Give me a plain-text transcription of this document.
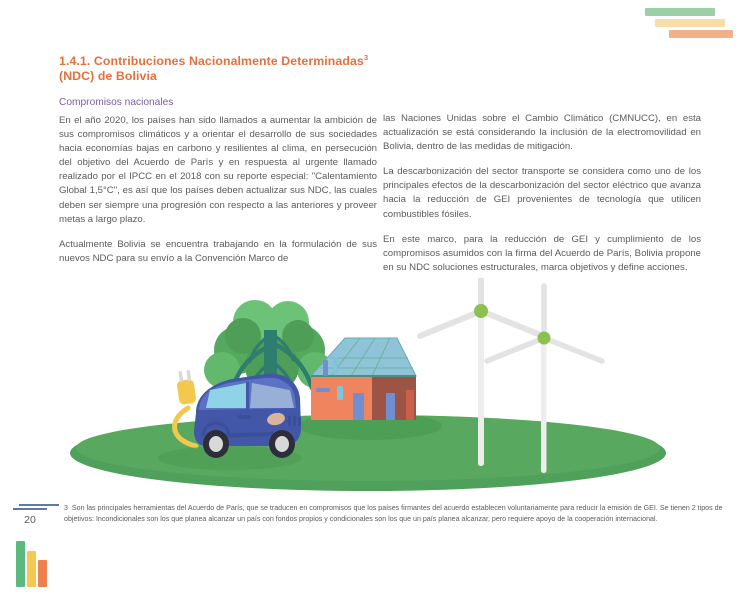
1.4.1. Contribuciones Nacionalmente Determinadas$^3$
(NDC) de Bolivia
Compromisos nacionales

En el año 2020, los países han sido llamados a aumentar la ambición de sus compromisos climáticos y a orientar el desarrollo de sus sociedades hacia economías bajas en carbono y resilientes al clima, en persecución del objetivo del Acuerdo de París y en respuesta al urgente llamado realizado por el IPCC en el 2018 con su reporte especial: "Calentamiento Global 1,5°C", es así que los países deben actualizar sus NDC, las cuales deben ser siempre una progresión con respecto a las anteriores y proveer metas a largo plazo.

Actualmente Bolivia se encuentra trabajando en la formulación de sus nuevos NDC para su envío a la Convención Marco de

las Naciones Unidas sobre el Cambio Climático (CMNUCC), en esta actualización se está considerando la inclusión de la electromovilidad en Bolivia, dentro de las medidas de mitigación.

La descarbonización del sector transporte se considera como uno de los principales efectos de la descarbonización del sector eléctrico que avanza hacia la reducción de GEI provenientes de tecnología que utilicen combustibles fósiles.

En este marco, para la reducción de GEI y cumplimiento de los compromisos asumidos con la firma del Acuerdo de París, Bolivia propone en su NDC soluciones estructurales, marca objetivos y define acciones.

3 Son las principales herramientas del Acuerdo de París, que se traducen en compromisos que los países firmantes del acuerdo establecen voluntariamente para reducir la emisión de GEI. Se tienen 2 tipos de objetivos: Incondicionales son los que planea alcanzar un país con fondos propios y condicionales son los que un país planea alcanzar, pero requiere apoyo de la cooperación internacional.
20
